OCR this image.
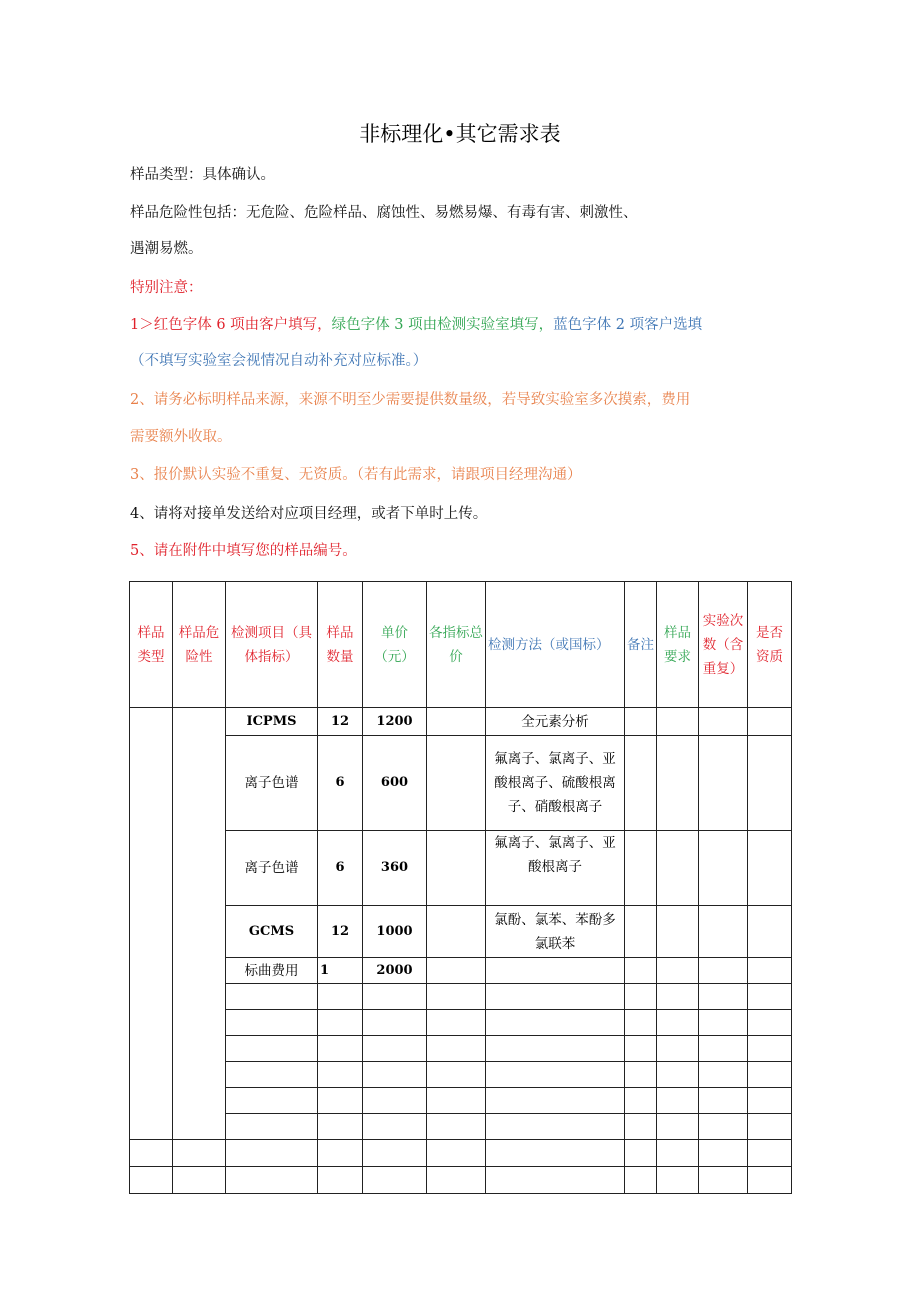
非标理化•其它需求表
样品类型：具体确认。
样品危险性包括：无危险、危险样品、腐蚀性、易燃易爆、有毒有害、刺激性、
遇潮易燃。
特别注意：
1＞红色字体 6 项由客户填写，绿色字体 3 项由检测实验室填写，蓝色字体 2 项客户选填
（不填写实验室会视情况自动补充对应标准。）
2、请务必标明样品来源，来源不明至少需要提供数量级，若导致实验室多次摸索，费用
需要额外收取。
3、报价默认实验不重复、无资质。（若有此需求，请跟项目经理沟通）
4、请将对接单发送给对应项目经理，或者下单时上传。
5、请在附件中填写您的样品编号。
样品类型	样品危险性	检测项目（具体指标）	样品数量	单价（元）	各指标总价	检测方法（或国标）	备注	样品要求	实验次数（含重复）	是否资质
		ICPMS	12	1200		全元素分析				
		离子色谱	6	600		氟离子、氯离子、亚酸根离子、硫酸根离子、硝酸根离子				
		离子色谱	6	360		氟离子、氯离子、亚酸根离子				
		GCMS	12	1000		氯酚、氯苯、苯酚多氯联苯				
		标曲费用	1	2000						
